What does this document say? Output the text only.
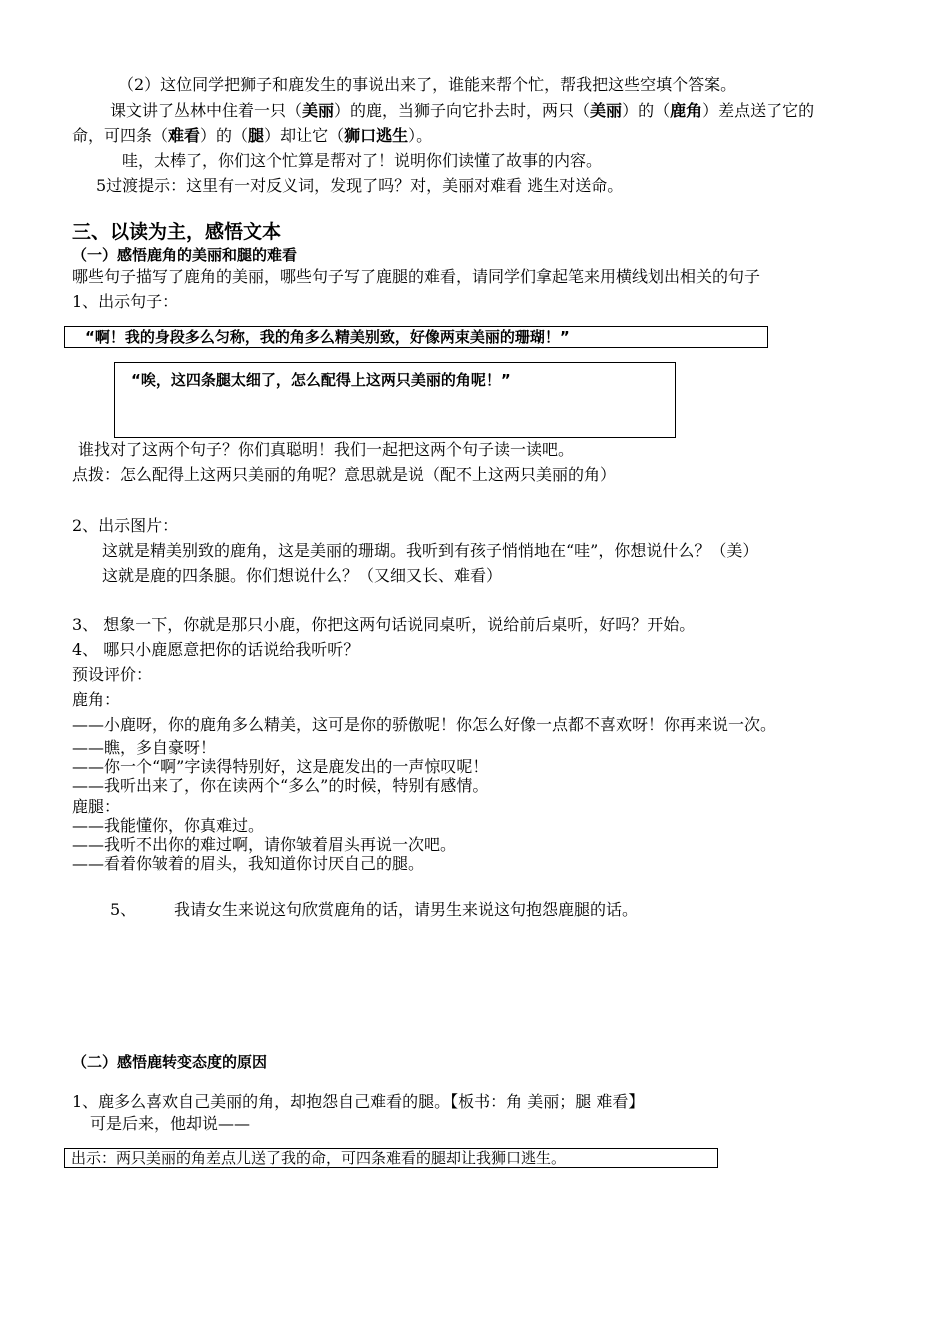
（2）这位同学把狮子和鹿发生的事说出来了，谁能来帮个忙，帮我把这些空填个答案。
课文讲了丛林中住着一只（美丽）的鹿，当狮子向它扑去时，两只（美丽）的（鹿角）差点送了它的
命，可四条（难看）的（腿）却让它（狮口逃生）。
哇，太棒了，你们这个忙算是帮对了！说明你们读懂了故事的内容。
5过渡提示：这里有一对反义词，发现了吗？对，美丽对难看 逃生对送命。
三、以读为主，感悟文本
（一）感悟鹿角的美丽和腿的难看
哪些句子描写了鹿角的美丽，哪些句子写了鹿腿的难看，请同学们拿起笔来用横线划出相关的句子
1、出示句子：
“啊！我的身段多么匀称，我的角多么精美别致，好像两束美丽的珊瑚！”
“唉，这四条腿太细了，怎么配得上这两只美丽的角呢！”
谁找对了这两个句子？你们真聪明！我们一起把这两个句子读一读吧。
点拨：怎么配得上这两只美丽的角呢？意思就是说（配不上这两只美丽的角）
2、出示图片：
这就是精美别致的鹿角，这是美丽的珊瑚。我听到有孩子悄悄地在“哇”，你想说什么？（美）
这就是鹿的四条腿。你们想说什么？（又细又长、难看）
3、 想象一下，你就是那只小鹿，你把这两句话说同桌听，说给前后桌听，好吗？开始。
4、 哪只小鹿愿意把你的话说给我听听？
预设评价：
鹿角：
——小鹿呀，你的鹿角多么精美，这可是你的骄傲呢！你怎么好像一点都不喜欢呀！你再来说一次。
——瞧，多自豪呀！
——你一个“啊”字读得特别好，这是鹿发出的一声惊叹呢！
——我听出来了，你在读两个“多么”的时候，特别有感情。
鹿腿：
——我能懂你，你真难过。
——我听不出你的难过啊，请你皱着眉头再说一次吧。
——看着你皱着的眉头，我知道你讨厌自己的腿。
5、 我请女生来说这句欣赏鹿角的话，请男生来说这句抱怨鹿腿的话。
（二）感悟鹿转变态度的原因
1、鹿多么喜欢自己美丽的角，却抱怨自己难看的腿。【板书：角 美丽；腿 难看】
可是后来，他却说——
出示：两只美丽的角差点儿送了我的命，可四条难看的腿却让我狮口逃生。
